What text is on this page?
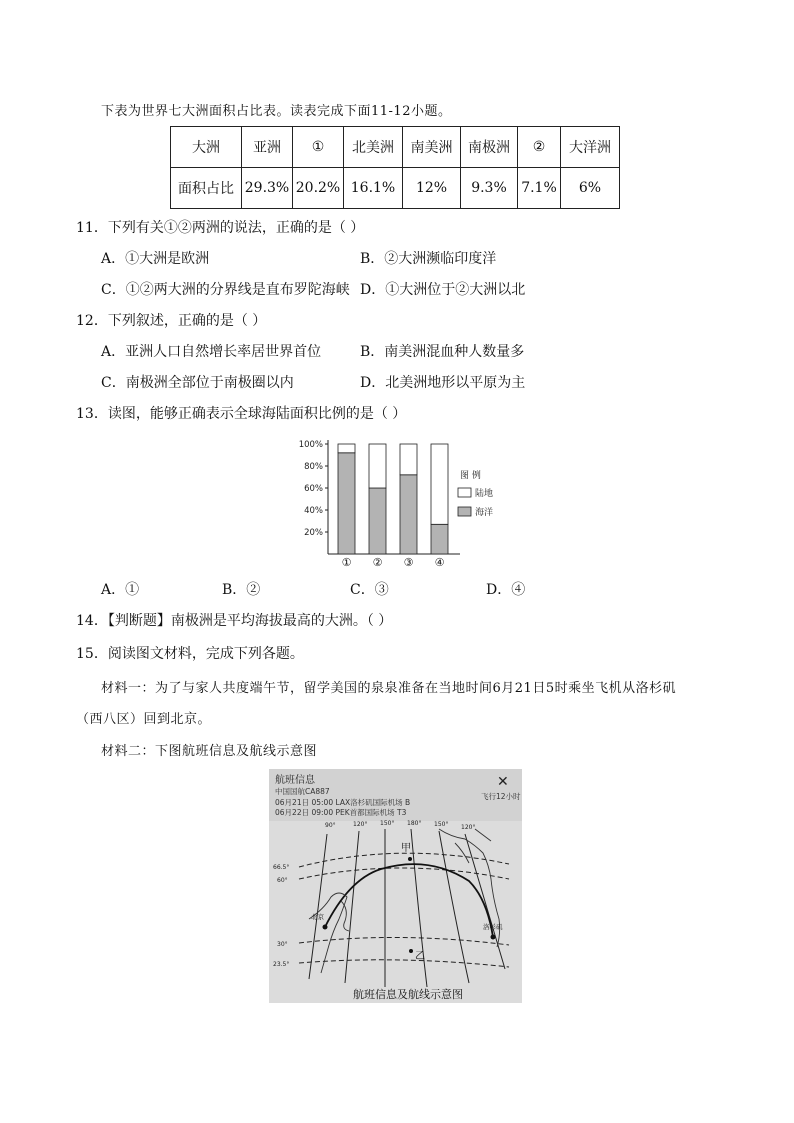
下表为世界七大洲面积占比表。读表完成下面11-12小题。
大洲	亚洲	①	北美洲	南美洲	南极洲	②	大洋洲
面积占比	29.3%	20.2%	16.1%	12%	9.3%	7.1%	6%
11．下列有关①②两洲的说法，正确的是（ ）
A．①大洲是欧洲	B．②大洲濒临印度洋
C．①②两大洲的分界线是直布罗陀海峡 D．①大洲位于②大洲以北
12．下列叙述，正确的是（ ）
A．亚洲人口自然增长率居世界首位	B．南美洲混血种人数量多
C．南极洲全部位于南极圈以内	D．北美洲地形以平原为主
13．读图，能够正确表示全球海陆面积比例的是（ ）
20%
40%
60%
80%
100%
① ② ③ ④
图 例
陆地
海洋
A．①	B．②	C．③	D．④
14．【判断题】南极洲是平均海拔最高的大洲。（ ）
15．阅读图文材料，完成下列各题。
材料一：为了与家人共度端午节，留学美国的泉泉准备在当地时间6月21日5时乘坐飞机从洛杉矶
（西八区）回到北京。
材料二：下图航班信息及航线示意图
航班信息	✕
中国国航CA887
飞行12小时
06月21日 05:00 LAX洛杉矶国际机场 B
06月22日 09:00 PEK首都国际机场 T3
90°	120° 150° 180° 150° 120°
66.5°
60°
30°
23.5°
甲
乙
北京
洛杉矶
航班信息及航线示意图
